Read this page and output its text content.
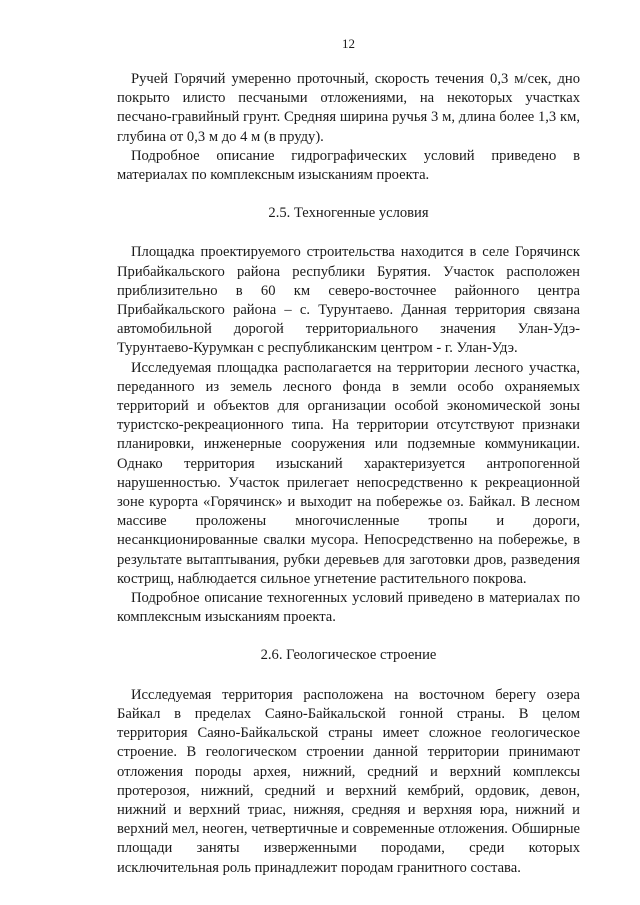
12

Ручей Горячий умеренно проточный, скорость течения 0,3 м/сек, дно покрыто илисто песчаными отложениями, на некоторых участках песчано-гравийный грунт. Средняя ширина ручья 3 м, длина более 1,3 км, глубина от 0,3 м до 4 м (в пруду).

Подробное описание гидрографических условий приведено в материалах по комплексным изысканиям проекта.

2.5. Техногенные условия

Площадка проектируемого строительства находится в селе Горячинск Прибайкальского района республики Бурятия. Участок расположен приблизительно в 60 км северо-восточнее районного центра Прибайкальского района – с. Турунтаево. Данная территория связана автомобильной дорогой территориального значения Улан-Удэ-Турунтаево-Курумкан с республиканским центром - г. Улан-Удэ.

Исследуемая площадка располагается на территории лесного участка, переданного из земель лесного фонда в земли особо охраняемых территорий и объектов для организации особой экономической зоны туристско-рекреационного типа. На территории отсутствуют признаки планировки, инженерные сооружения или подземные коммуникации. Однако территория изысканий характеризуется антропогенной нарушенностью. Участок прилегает непосредственно к рекреационной зоне курорта «Горячинск» и выходит на побережье оз. Байкал. В лесном массиве проложены многочисленные тропы и дороги, несанкционированные свалки мусора. Непосредственно на побережье, в результате вытаптывания, рубки деревьев для заготовки дров, разведения кострищ, наблюдается сильное угнетение растительного покрова.

Подробное описание техногенных условий приведено в материалах по комплексным изысканиям проекта.

2.6. Геологическое строение

Исследуемая территория расположена на восточном берегу озера Байкал в пределах Саяно-Байкальской гонной страны. В целом территория Саяно-Байкальской страны имеет сложное геологическое строение. В геологическом строении данной территории принимают отложения породы архея, нижний, средний и верхний комплексы протерозоя, нижний, средний и верхний кембрий, ордовик, девон, нижний и верхний триас, нижняя, средняя и верхняя юра, нижний и верхний мел, неоген, четвертичные и современные отложения. Обширные площади заняты изверженными породами, среди которых исключительная роль принадлежит породам гранитного состава.
